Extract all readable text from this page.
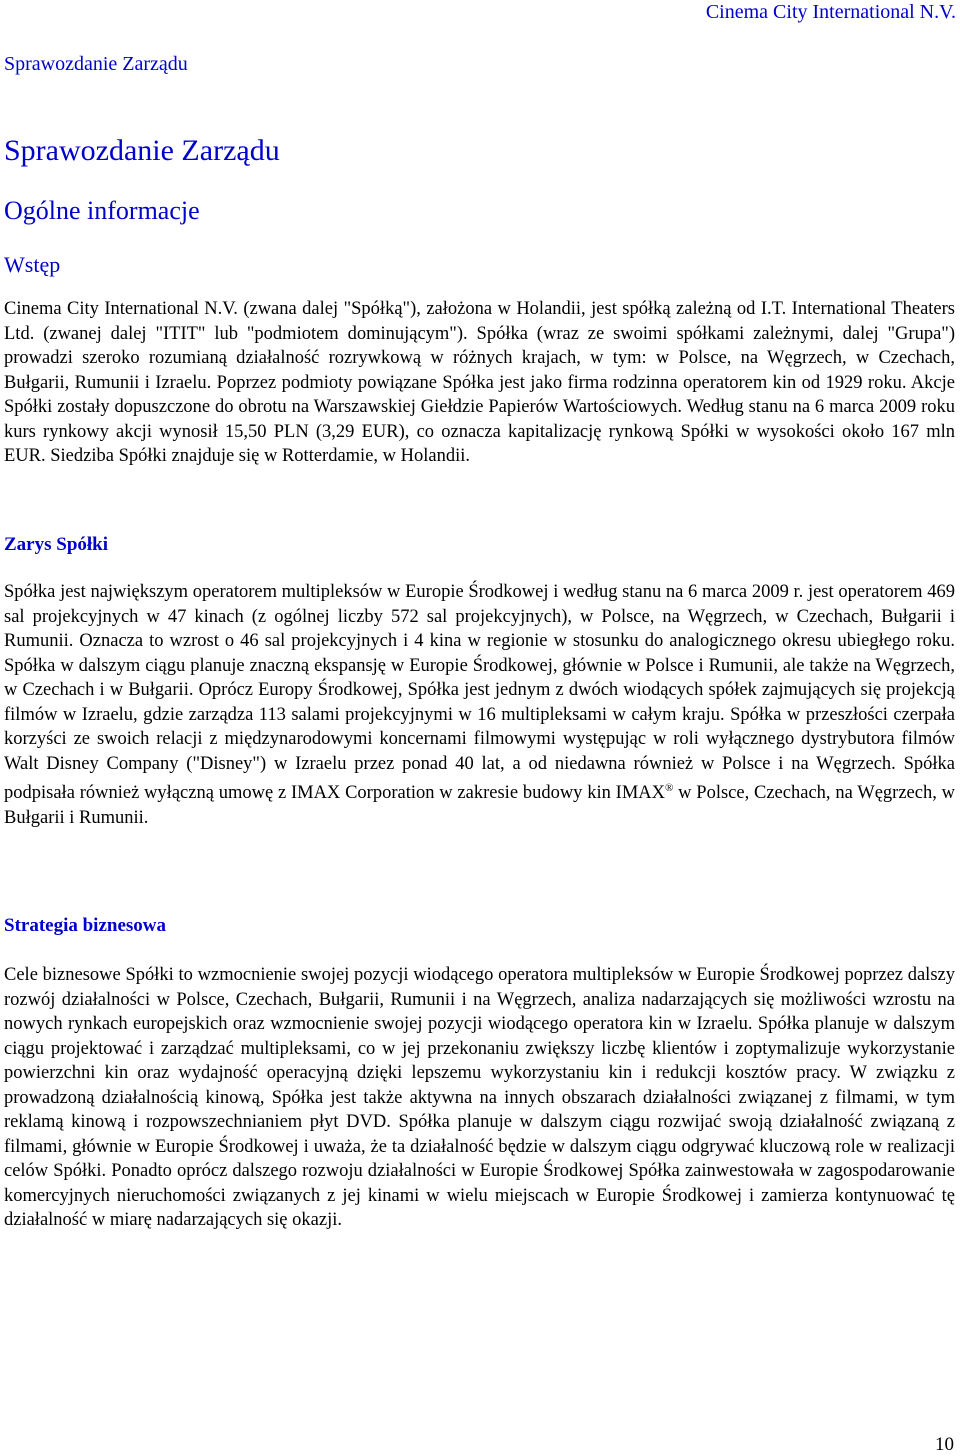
Cinema City International N.V.
Sprawozdanie Zarządu
Sprawozdanie Zarządu
Ogólne informacje
Wstęp

Cinema City International N.V. (zwana dalej "Spółką"), założona w Holandii, jest spółką zależną od I.T. International Theaters Ltd. (zwanej dalej "ITIT" lub "podmiotem dominującym"). Spółka (wraz ze swoimi spółkami zależnymi, dalej "Grupa") prowadzi szeroko rozumianą działalność rozrywkową w różnych krajach, w tym: w Polsce, na Węgrzech, w Czechach, Bułgarii, Rumunii i Izraelu. Poprzez podmioty powiązane Spółka jest jako firma rodzinna operatorem kin od 1929 roku. Akcje Spółki zostały dopuszczone do obrotu na Warszawskiej Giełdzie Papierów Wartościowych. Według stanu na 6 marca 2009 roku kurs rynkowy akcji wynosił 15,50 PLN (3,29 EUR), co oznacza kapitalizację rynkową Spółki w wysokości około 167 mln EUR. Siedziba Spółki znajduje się w Rotterdamie, w Holandii.

Zarys Spółki

Spółka jest największym operatorem multipleksów w Europie Środkowej i według stanu na 6 marca 2009 r. jest operatorem 469 sal projekcyjnych w 47 kinach (z ogólnej liczby 572 sal projekcyjnych), w Polsce, na Węgrzech, w Czechach, Bułgarii i Rumunii. Oznacza to wzrost o 46 sal projekcyjnych i 4 kina w regionie w stosunku do analogicznego okresu ubiegłego roku. Spółka w dalszym ciągu planuje znaczną ekspansję w Europie Środkowej, głównie w Polsce i Rumunii, ale także na Węgrzech, w Czechach i w Bułgarii. Oprócz Europy Środkowej, Spółka jest jednym z dwóch wiodących spółek zajmujących się projekcją filmów w Izraelu, gdzie zarządza 113 salami projekcyjnymi w 16 multipleksami w całym kraju. Spółka w przeszłości czerpała korzyści ze swoich relacji z międzynarodowymi koncernami filmowymi występując w roli wyłącznego dystrybutora filmów Walt Disney Company ("Disney") w Izraelu przez ponad 40 lat, a od niedawna również w Polsce i na Węgrzech. Spółka podpisała również wyłączną umowę z IMAX Corporation w zakresie budowy kin IMAX® w Polsce, Czechach, na Węgrzech, w Bułgarii i Rumunii.

Strategia biznesowa

Cele biznesowe Spółki to wzmocnienie swojej pozycji wiodącego operatora multipleksów w Europie Środkowej poprzez dalszy rozwój działalności w Polsce, Czechach, Bułgarii, Rumunii i na Węgrzech, analiza nadarzających się możliwości wzrostu na nowych rynkach europejskich oraz wzmocnienie swojej pozycji wiodącego operatora kin w Izraelu. Spółka planuje w dalszym ciągu projektować i zarządzać multipleksami, co w jej przekonaniu zwiększy liczbę klientów i zoptymalizuje wykorzystanie powierzchni kin oraz wydajność operacyjną dzięki lepszemu wykorzystaniu kin i redukcji kosztów pracy. W związku z prowadzoną działalnością kinową, Spółka jest także aktywna na innych obszarach działalności związanej z filmami, w tym reklamą kinową i rozpowszechnianiem płyt DVD. Spółka planuje w dalszym ciągu rozwijać swoją działalność związaną z filmami, głównie w Europie Środkowej i uważa, że ta działalność będzie w dalszym ciągu odgrywać kluczową role w realizacji celów Spółki. Ponadto oprócz dalszego rozwoju działalności w Europie Środkowej Spółka zainwestowała w zagospodarowanie komercyjnych nieruchomości związanych z jej kinami w wielu miejscach w Europie Środkowej i zamierza kontynuować tę działalność w miarę nadarzających się okazji.

10
